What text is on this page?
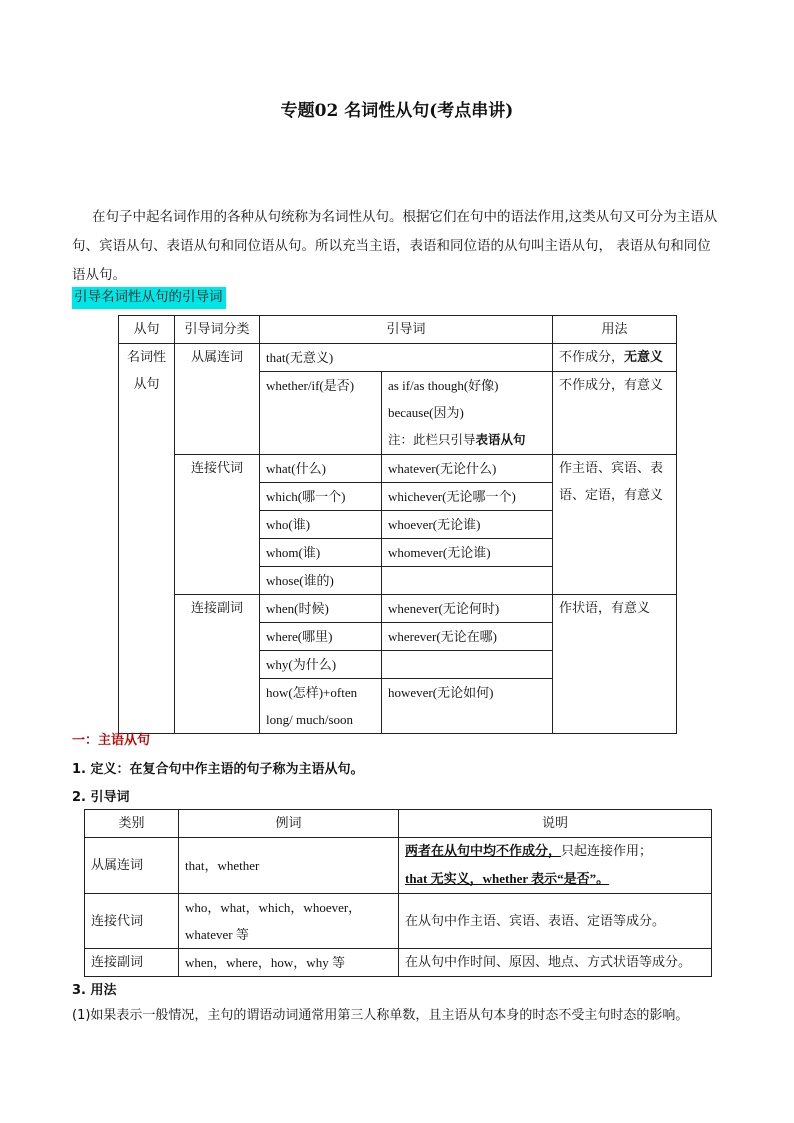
专题02 名词性从句(考点串讲)

在句子中起名词作用的各种从句统称为名词性从句。根据它们在句中的语法作用,这类从句又可分为主语从句、宾语从句、表语从句和同位语从句。所以充当主语，表语和同位语的从句叫主语从句， 表语从句和同位语从句。

引导名词性从句的引导词
从句	引导词分类	引导词		用法

名词性从句	从属连词	that(无意义)		不作成分，无意义
		whether/if(是否)	as if/as though(好像)
because(因为)
注：此栏只引导表语从句	不作成分，有意义
	连接代词	what(什么)	whatever(无论什么)	作主语、宾语、表语、定语，有意义
		which(哪一个)	whichever(无论哪一个)	
		who(谁)	whoever(无论谁)	
		whom(谁)	whomever(无论谁)	
		whose(谁的)		
	连接副词	when(时候)	whenever(无论何时)	作状语，有意义
		where(哪里)	wherever(无论在哪)	
		why(为什么)		

		how(怎样)+often
long/ much/soon	however(无论如何)	
一：主语从句
1. 定义：在复合句中作主语的句子称为主语从句。
2. 引导词
类别	例词	说明
从属连词	that，whether	两者在从句中均不作成分，只起连接作用；
that 无实义，whether 表示“是否”。

连接代词	who，what，which，whoever，
whatever 等	在从句中作主语、宾语、表语、定语等成分。
连接副词	when，where，how，why 等	在从句中作时间、原因、地点、方式状语等成分。
3. 用法
(1)如果表示一般情况，主句的谓语动词通常用第三人称单数，且主语从句本身的时态不受主句时态的影响。
